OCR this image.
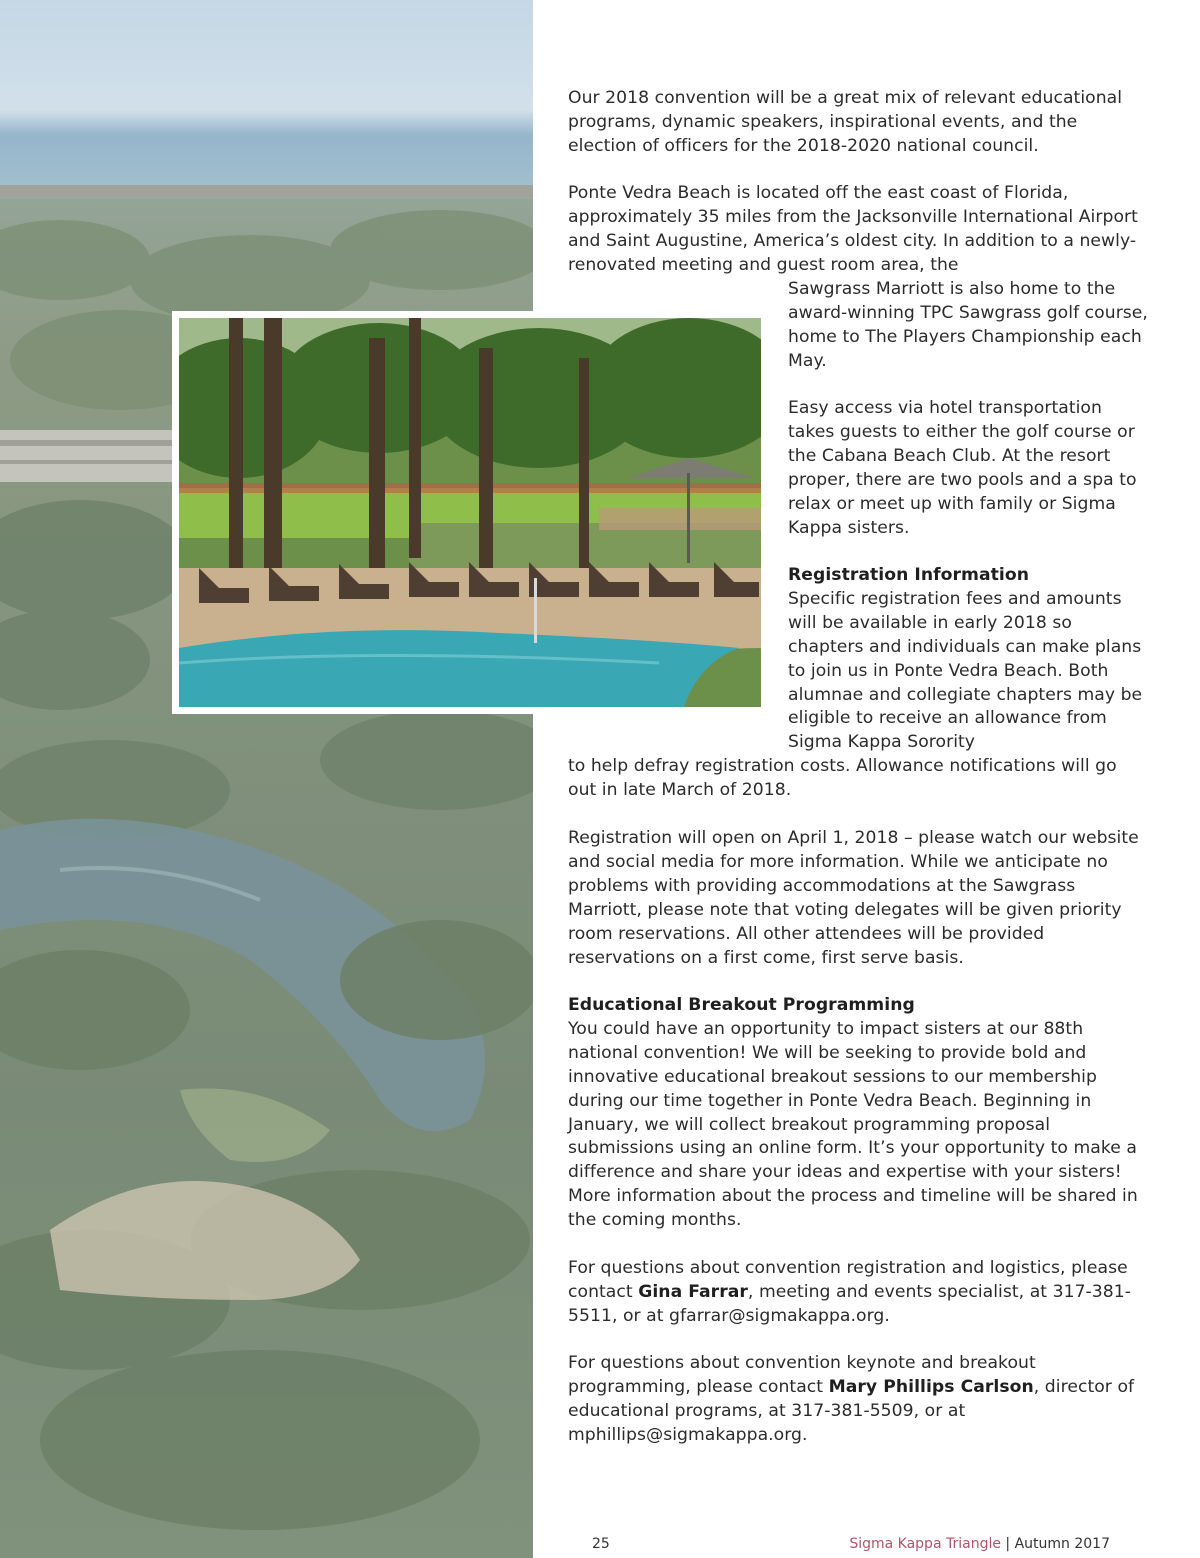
Our 2018 convention will be a great mix of relevant educational programs, dynamic speakers, inspirational events, and the election of officers for the 2018-2020 national council.

Ponte Vedra Beach is located off the east coast of Florida, approximately 35 miles from the Jacksonville International Airport and Saint Augustine, America’s oldest city. In addition to a newly-renovated meeting and guest room area, the

Sawgrass Marriott is also home to the award-winning TPC Sawgrass golf course, home to The Players Championship each May.

Easy access via hotel transportation takes guests to either the golf course or the Cabana Beach Club. At the resort proper, there are two pools and a spa to relax or meet up with family or Sigma Kappa sisters.

Registration Information

Specific registration fees and amounts will be available in early 2018 so chapters and individuals can make plans to join us in Ponte Vedra Beach. Both alumnae and collegiate chapters may be eligible to receive an allowance from Sigma Kappa Sorority

to help defray registration costs. Allowance notifications will go out in late March of 2018.

Registration will open on April 1, 2018 – please watch our website and social media for more information. While we anticipate no problems with providing accommodations at the Sawgrass Marriott, please note that voting delegates will be given priority room reservations. All other attendees will be provided reservations on a first come, first serve basis.

Educational Breakout Programming

You could have an opportunity to impact sisters at our 88th national convention! We will be seeking to provide bold and innovative educational breakout sessions to our membership during our time together in Ponte Vedra Beach. Beginning in January, we will collect breakout programming proposal submissions using an online form. It’s your opportunity to make a difference and share your ideas and expertise with your sisters! More information about the process and timeline will be shared in the coming months.

For questions about convention registration and logistics, please contact Gina Farrar, meeting and events specialist, at 317-381-5511, or at gfarrar@sigmakappa.org.

For questions about convention keynote and breakout programming, please contact Mary Phillips Carlson, director of educational programs, at 317-381-5509, or at mphillips@sigmakappa.org.

25	Sigma Kappa Triangle | Autumn 2017
